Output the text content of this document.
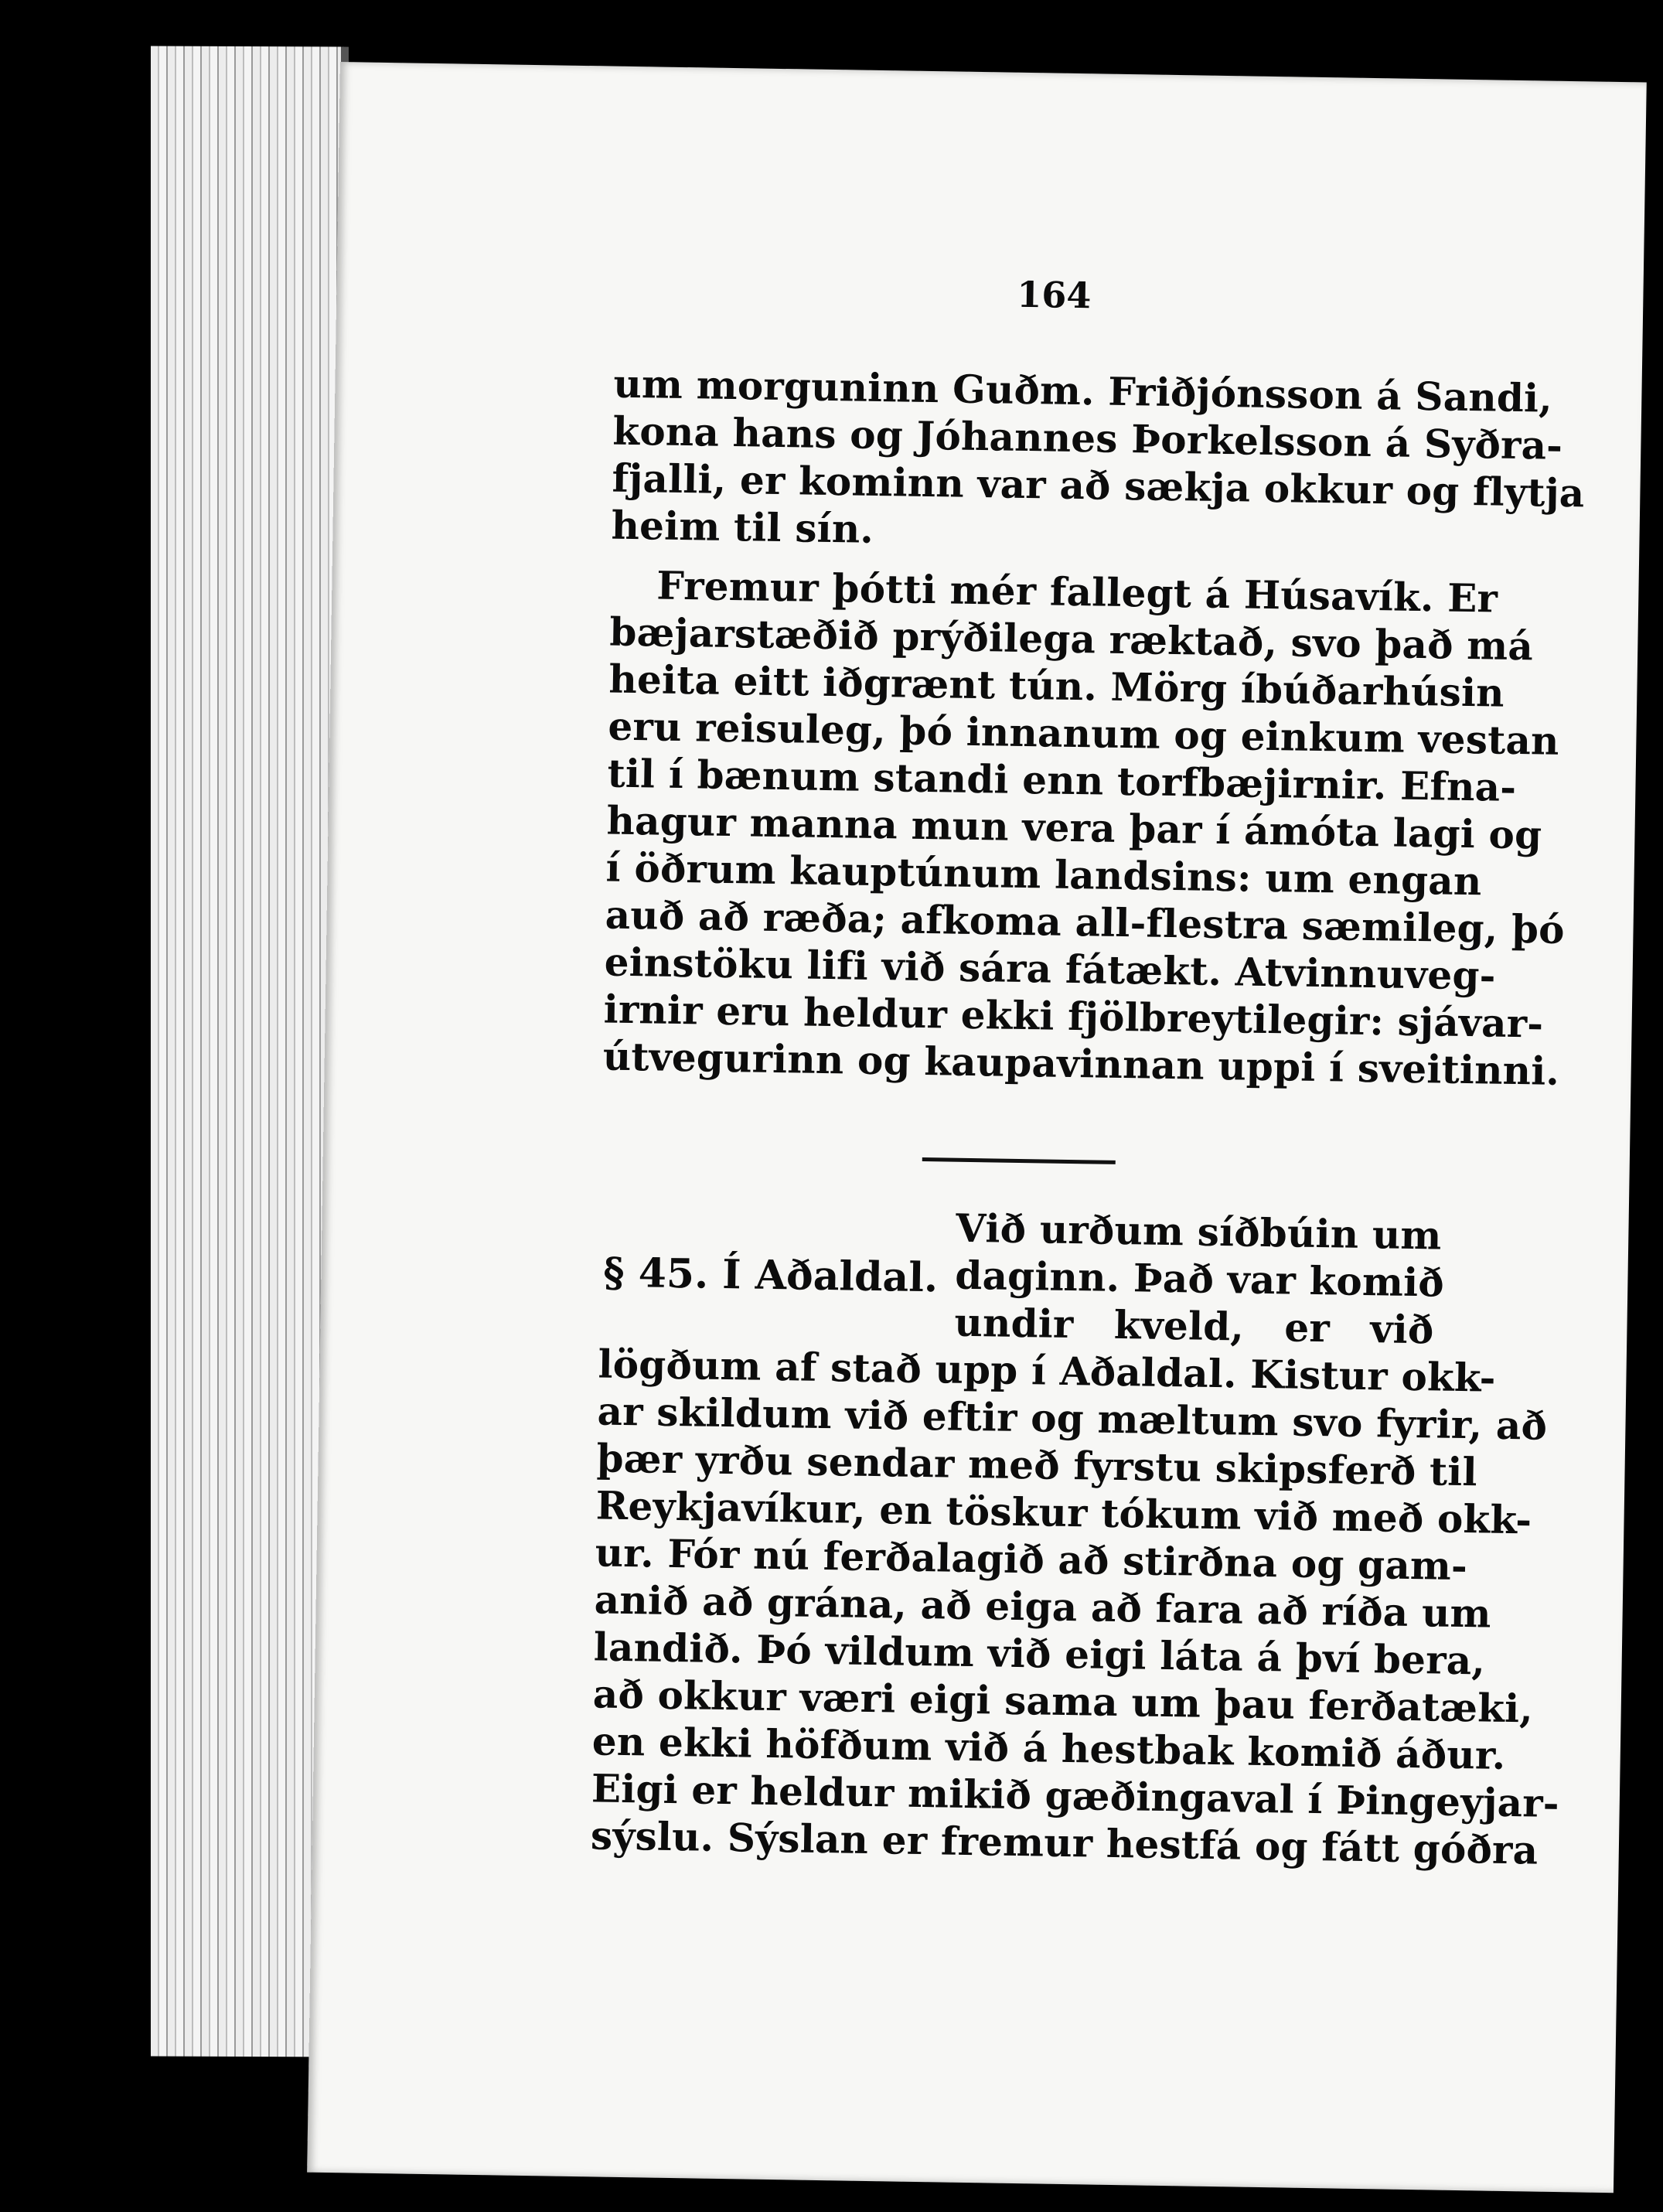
164
um morguninn Guðm. Friðjónsson á Sandi,
kona hans og Jóhannes Þorkelsson á Syðra-
fjalli, er kominn var að sækja okkur og flytja
heim til sín.
Fremur þótti mér fallegt á Húsavík. Er
bæjarstæðið prýðilega ræktað, svo það má
heita eitt iðgrænt tún. Mörg íbúðarhúsin
eru reisuleg, þó innanum og einkum vestan
til í bænum standi enn torfbæjirnir. Efna-
hagur manna mun vera þar í ámóta lagi og
í öðrum kauptúnum landsins: um engan
auð að ræða; afkoma all-flestra sæmileg, þó
einstöku lifi við sára fátækt. Atvinnuveg-
irnir eru heldur ekki fjölbreytilegir: sjávar-
útvegurinn og kaupavinnan uppi í sveitinni.
§ 45. Í Aðaldal.
Við urðum síðbúin um
daginn. Það var komið
undir kveld, er við
lögðum af stað upp í Aðaldal. Kistur okk-
ar skildum við eftir og mæltum svo fyrir, að
þær yrðu sendar með fyrstu skipsferð til
Reykjavíkur, en töskur tókum við með okk-
ur. Fór nú ferðalagið að stirðna og gam-
anið að grána, að eiga að fara að ríða um
landið. Þó vildum við eigi láta á því bera,
að okkur væri eigi sama um þau ferðatæki,
en ekki höfðum við á hestbak komið áður.
Eigi er heldur mikið gæðingaval í Þingeyjar-
sýslu. Sýslan er fremur hestfá og fátt góðra
